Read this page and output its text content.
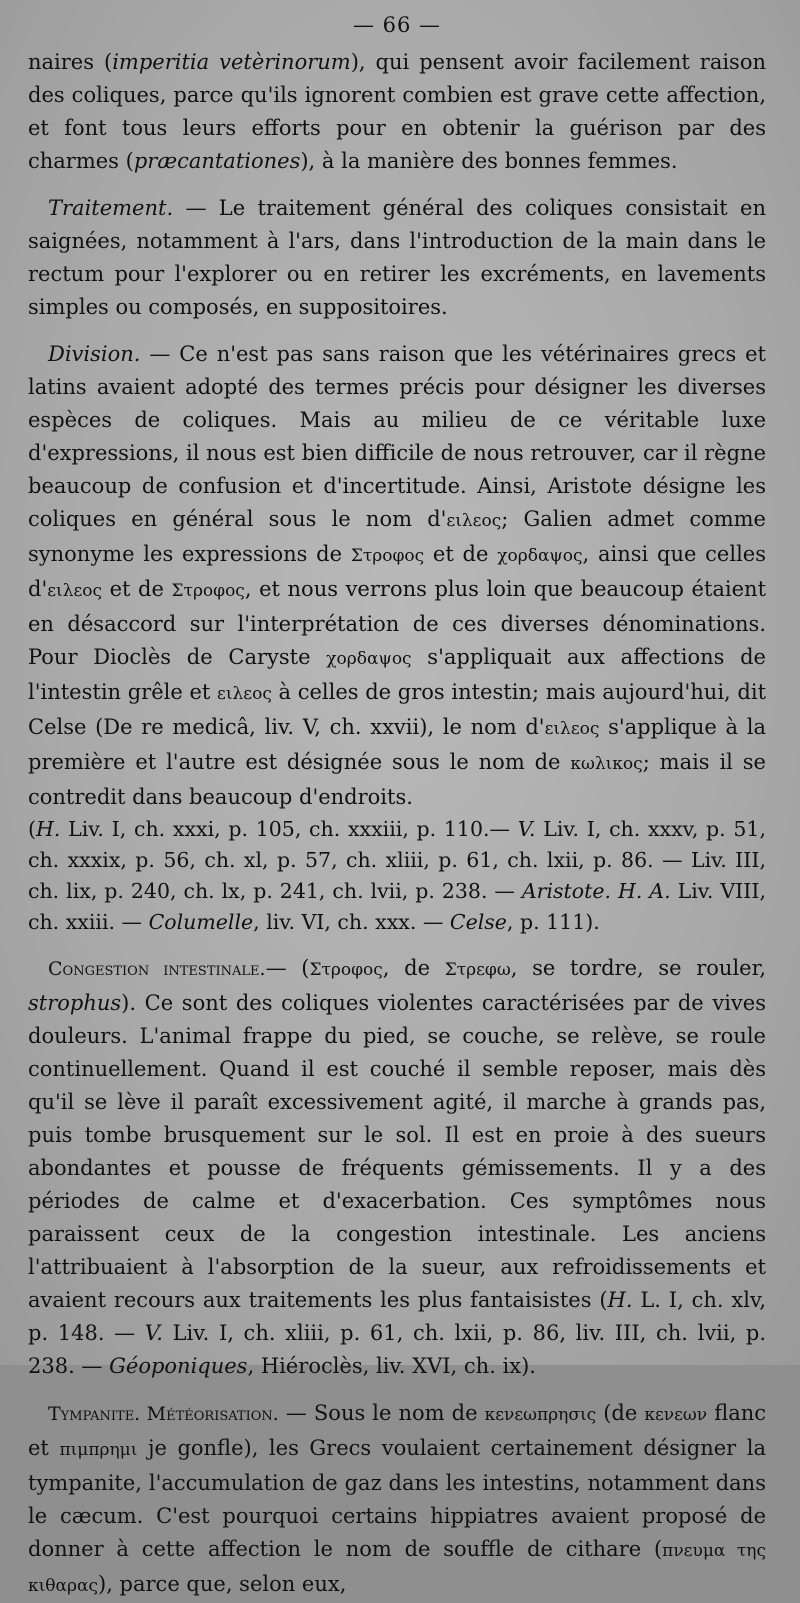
— 66 —

naires (imperitia vetèrinorum), qui pensent avoir facilement raison des coliques, parce qu'ils ignorent combien est grave cette affection, et font tous leurs efforts pour en obtenir la guérison par des charmes (præcantationes), à la manière des bonnes femmes.

Traitement. — Le traitement général des coliques consistait en saignées, notamment à l'ars, dans l'introduction de la main dans le rectum pour l'explorer ou en retirer les excréments, en lavements simples ou composés, en suppositoires.

Division. — Ce n'est pas sans raison que les vétérinaires grecs et latins avaient adopté des termes précis pour désigner les diverses espèces de coliques. Mais au milieu de ce véritable luxe d'expressions, il nous est bien difficile de nous retrouver, car il règne beaucoup de confusion et d'incertitude. Ainsi, Aristote désigne les coliques en général sous le nom d'ειλεος; Galien admet comme synonyme les expressions de Στροφος et de χορδαψος, ainsi que celles d'ειλεος et de Στροφος, et nous verrons plus loin que beaucoup étaient en désaccord sur l'interprétation de ces diverses dénominations. Pour Dioclès de Caryste χορδαψος s'appliquait aux affections de l'intestin grêle et ειλεος à celles de gros intestin; mais aujourd'hui, dit Celse (De re medicâ, liv. V, ch. xxvii), le nom d'ειλεος s'applique à la première et l'autre est désignée sous le nom de κωλικος; mais il se contredit dans beaucoup d'endroits.

(H. Liv. I, ch. xxxi, p. 105, ch. xxxiii, p. 110.— V. Liv. I, ch. xxxv, p. 51, ch. xxxix, p. 56, ch. xl, p. 57, ch. xliii, p. 61, ch. lxii, p. 86. — Liv. III, ch. lix, p. 240, ch. lx, p. 241, ch. lvii, p. 238. — Aristote. H. A. Liv. VIII, ch. xxiii. — Columelle, liv. VI, ch. xxx. — Celse, p. 111).

Congestion intestinale.— (Στροφος, de Στρεφω, se tordre, se rouler, strophus). Ce sont des coliques violentes caractérisées par de vives douleurs. L'animal frappe du pied, se couche, se relève, se roule continuellement. Quand il est couché il semble reposer, mais dès qu'il se lève il paraît excessivement agité, il marche à grands pas, puis tombe brusquement sur le sol. Il est en proie à des sueurs abondantes et pousse de fréquents gémissements. Il y a des périodes de calme et d'exacerbation. Ces symptômes nous paraissent ceux de la congestion intestinale. Les anciens l'attribuaient à l'absorption de la sueur, aux refroidissements et avaient recours aux traitements les plus fantaisistes (H. L. I, ch. xlv, p. 148. — V. Liv. I, ch. xliii, p. 61, ch. lxii, p. 86, liv. III, ch. lvii, p. 238. — Géoponiques, Hiéroclès, liv. XVI, ch. ix).

Tympanite. Météorisation. — Sous le nom de κενεωπρησις (de κενεων flanc et πιμπρημι je gonfle), les Grecs voulaient certainement désigner la tympanite, l'accumulation de gaz dans les intestins, notamment dans le cæcum. C'est pourquoi certains hippiatres avaient proposé de donner à cette affection le nom de souffle de cithare (πνευμα της κιθαρας), parce que, selon eux,
